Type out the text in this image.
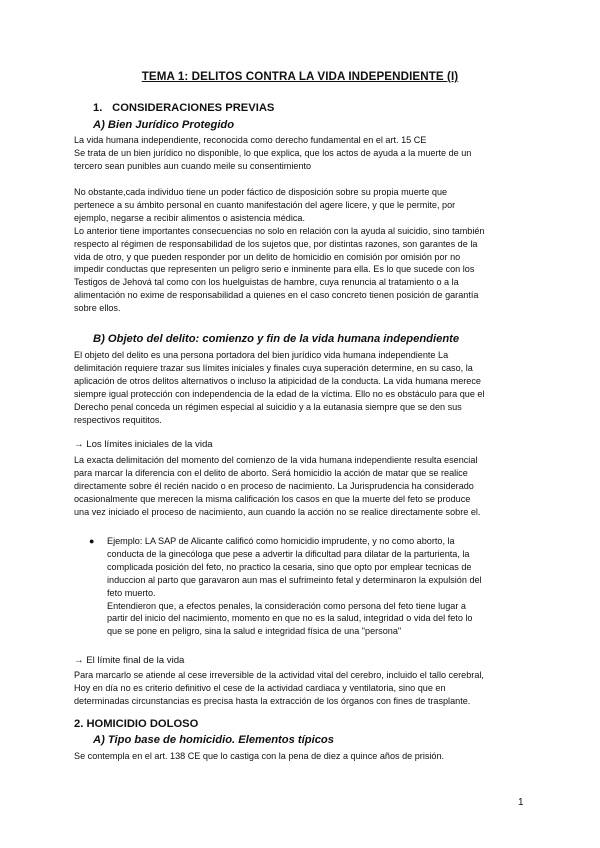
TEMA 1: DELITOS CONTRA LA VIDA INDEPENDIENTE (I)
1. CONSIDERACIONES PREVIAS
A) Bien Jurídico Protegido
La vida humana independiente, reconocida como derecho fundamental en el art. 15 CE
Se trata de un bien jurídico no disponible, lo que explica, que los actos de ayuda a la muerte de un
tercero sean punibles aun cuando meile su consentimiento
No obstante,cada individuo tiene un poder fáctico de disposición sobre su propia muerte que
pertenece a su ámbito personal en cuanto manifestación del agere licere, y que le permite, por
ejemplo, negarse a recibir alimentos o asistencia médica.
Lo anterior tiene importantes consecuencias no solo en relación con la ayuda al suicidio, sino también
respecto al régimen de responsabilidad de los sujetos que, por distintas razones, son garantes de la
vida de otro, y que pueden responder por un delito de homicidio en comisión por omisión por no
impedir conductas que representen un peligro serio e inminente para ella. Es lo que sucede con los
Testigos de Jehová tal como con los huelguistas de hambre, cuya renuncia al tratamiento o a la
alimentación no exime de responsabilidad a quienes en el caso concreto tienen posición de garantía
sobre ellos.
B) Objeto del delito: comienzo y fin de la vida humana independiente
El objeto del delito es una persona portadora del bien jurídico vida humana independiente La
delimitación requiere trazar sus límites iniciales y finales cuya superación determine, en su caso, la
aplicación de otros delitos alternativos o incluso la atipicidad de la conducta. La vida humana merece
siempre igual protección con independencia de la edad de la víctima. Ello no es obstáculo para que el
Derecho penal conceda un régimen especial al suicidio y a la eutanasia siempre que se den sus
respectivos requititos.
→ Los límites iniciales de la vida
La exacta delimitación del momento del comienzo de la vida humana independiente resulta esencial
para marcar la diferencia con el delito de aborto. Será homicidio la acción de matar que se realice
directamente sobre él recién nacido o en proceso de nacimiento. La Jurisprudencia ha considerado
ocasionalmente que merecen la misma calificación los casos en que la muerte del feto se produce
una vez iniciado el proceso de nacimiento, aun cuando la acción no se realice directamente sobre el.
● Ejemplo: LA SAP de Alicante calificó como homicidio imprudente, y no como aborto, la
conducta de la ginecóloga que pese a advertir la dificultad para dilatar de la parturienta, la
complicada posición del feto, no practico la cesaria, sino que opto por emplear tecnicas de
induccion al parto que garavaron aun mas el sufrimeinto fetal y determinaron la expulsión del
feto muerto.
Entendieron que, a efectos penales, la consideración como persona del feto tiene lugar a
partir del inicio del nacimiento, momento en que no es la salud, integridad o vida del feto lo
que se pone en peligro, sina la salud e integridad física de una "persona"
→ El límite final de la vida
Para marcarlo se atiende al cese irreversible de la actividad vital del cerebro, incluido el tallo cerebral,
Hoy en día no es criterio definitivo el cese de la actividad cardiaca y ventilatoria, sino que en
determinadas circunstancias es precisa hasta la extracción de los órganos con fines de trasplante.
2. HOMICIDIO DOLOSO
A) Tipo base de homicidio. Elementos típicos
Se contempla en el art. 138 CE que lo castiga con la pena de diez a quince años de prisión.
1
